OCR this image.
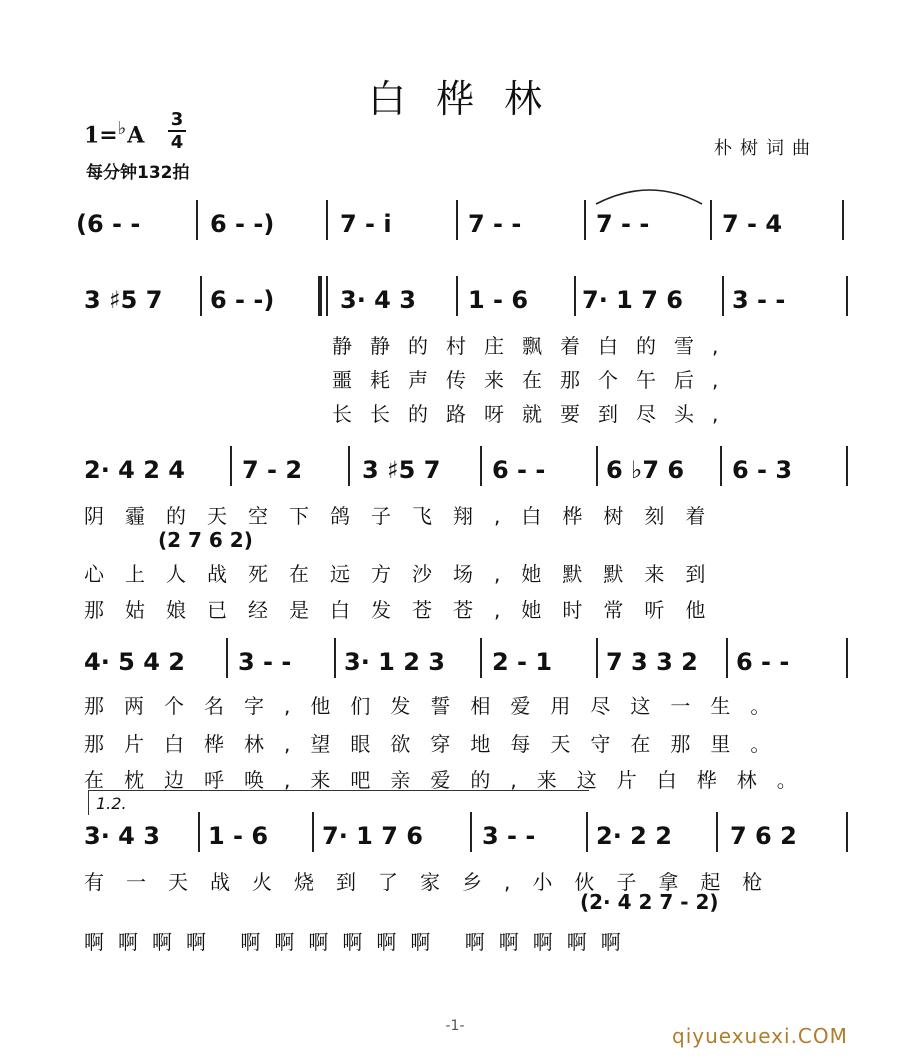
白桦林
1=♭A
3
4
每分钟132拍
朴树词曲
(6 - -	6 - -)	7 - i	7 - -	7 - -	7 - 4
3 ♯5 7 6 - -)	3· 4 3 1 - 6 7· 1 7 6 3 - -
静静的村庄飘着白的雪,
噩耗声传来在那个午后,
长长的路呀就要到尽头,
2· 4 2 4 7 - 2 3 ♯5 7 6 - -	6 ♭7 6 6 - 3
阴霾的天空下鸽子飞翔,白桦树刻着
(2 7 6 2)
心上人战死在远方沙场,她默默来到
那姑娘已经是白发苍苍,她时常听他
4· 5 4 2 3 - - 3· 1 2 3 2 - 1 7 3 3 2 6 - -
那两个名字,他们发誓相爱用尽这一生。
那片白桦林,望眼欲穿地每天守在那里。
在枕边呼唤,来吧亲爱的,来这片白桦林。
1.2.
3· 4 3 1 - 6 7· 1 7 6 3 - -	2· 2 2 7 6 2
有一天战火烧到了家乡,小伙子拿起枪
(2· 4 2 7 - 2)
啊啊啊啊 啊啊啊啊啊啊 啊啊啊啊啊
-1-	qiyuexuexi.COM
